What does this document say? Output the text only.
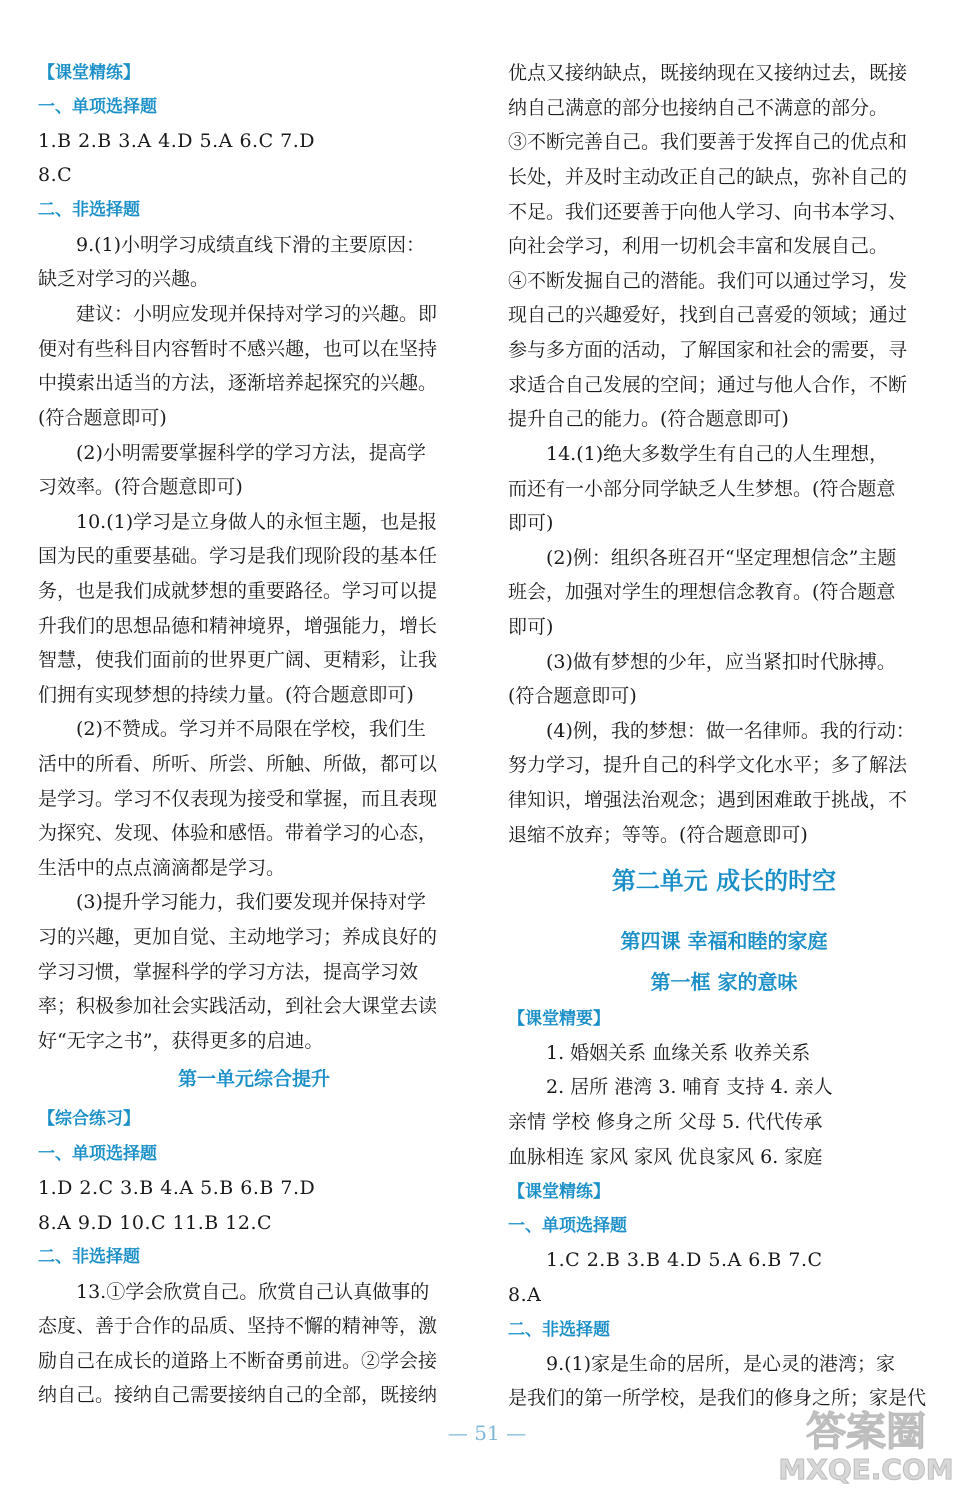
【课堂精练】
一、单项选择题
1.B 2.B 3.A 4.D 5.A 6.C 7.D
8.C
二、非选择题
9.(1)小明学习成绩直线下滑的主要原因：
缺乏对学习的兴趣。
建议：小明应发现并保持对学习的兴趣。即
便对有些科目内容暂时不感兴趣，也可以在坚持
中摸索出适当的方法，逐渐培养起探究的兴趣。
(符合题意即可)
(2)小明需要掌握科学的学习方法，提高学
习效率。(符合题意即可)
10.(1)学习是立身做人的永恒主题，也是报
国为民的重要基础。学习是我们现阶段的基本任
务，也是我们成就梦想的重要路径。学习可以提
升我们的思想品德和精神境界，增强能力，增长
智慧，使我们面前的世界更广阔、更精彩，让我
们拥有实现梦想的持续力量。(符合题意即可)
(2)不赞成。学习并不局限在学校，我们生
活中的所看、所听、所尝、所触、所做，都可以
是学习。学习不仅表现为接受和掌握，而且表现
为探究、发现、体验和感悟。带着学习的心态，
生活中的点点滴滴都是学习。
(3)提升学习能力，我们要发现并保持对学
习的兴趣，更加自觉、主动地学习；养成良好的
学习习惯，掌握科学的学习方法，提高学习效
率；积极参加社会实践活动，到社会大课堂去读
好“无字之书”，获得更多的启迪。
第一单元综合提升
【综合练习】
一、单项选择题
1.D 2.C 3.B 4.A 5.B 6.B 7.D
8.A 9.D 10.C 11.B 12.C
二、非选择题
13.①学会欣赏自己。欣赏自己认真做事的
态度、善于合作的品质、坚持不懈的精神等，激
励自己在成长的道路上不断奋勇前进。②学会接
纳自己。接纳自己需要接纳自己的全部，既接纳
优点又接纳缺点，既接纳现在又接纳过去，既接
纳自己满意的部分也接纳自己不满意的部分。
③不断完善自己。我们要善于发挥自己的优点和
长处，并及时主动改正自己的缺点，弥补自己的
不足。我们还要善于向他人学习、向书本学习、
向社会学习，利用一切机会丰富和发展自己。
④不断发掘自己的潜能。我们可以通过学习，发
现自己的兴趣爱好，找到自己喜爱的领域；通过
参与多方面的活动，了解国家和社会的需要，寻
求适合自己发展的空间；通过与他人合作，不断
提升自己的能力。(符合题意即可)
14.(1)绝大多数学生有自己的人生理想，
而还有一小部分同学缺乏人生梦想。(符合题意
即可)
(2)例：组织各班召开“坚定理想信念”主题
班会，加强对学生的理想信念教育。(符合题意
即可)
(3)做有梦想的少年，应当紧扣时代脉搏。
(符合题意即可)
(4)例，我的梦想：做一名律师。我的行动：
努力学习，提升自己的科学文化水平；多了解法
律知识，增强法治观念；遇到困难敢于挑战，不
退缩不放弃；等等。(符合题意即可)
第二单元 成长的时空
第四课 幸福和睦的家庭
第一框 家的意味
【课堂精要】
1. 婚姻关系 血缘关系 收养关系
2. 居所 港湾 3. 哺育 支持 4. 亲人
亲情 学校 修身之所 父母 5. 代代传承
血脉相连 家风 家风 优良家风 6. 家庭
【课堂精练】
一、单项选择题
1.C 2.B 3.B 4.D 5.A 6.B 7.C
8.A
二、非选择题
9.(1)家是生命的居所，是心灵的港湾；家
是我们的第一所学校，是我们的修身之所；家是代
— 51 —	答案圈
MXQE.COM
